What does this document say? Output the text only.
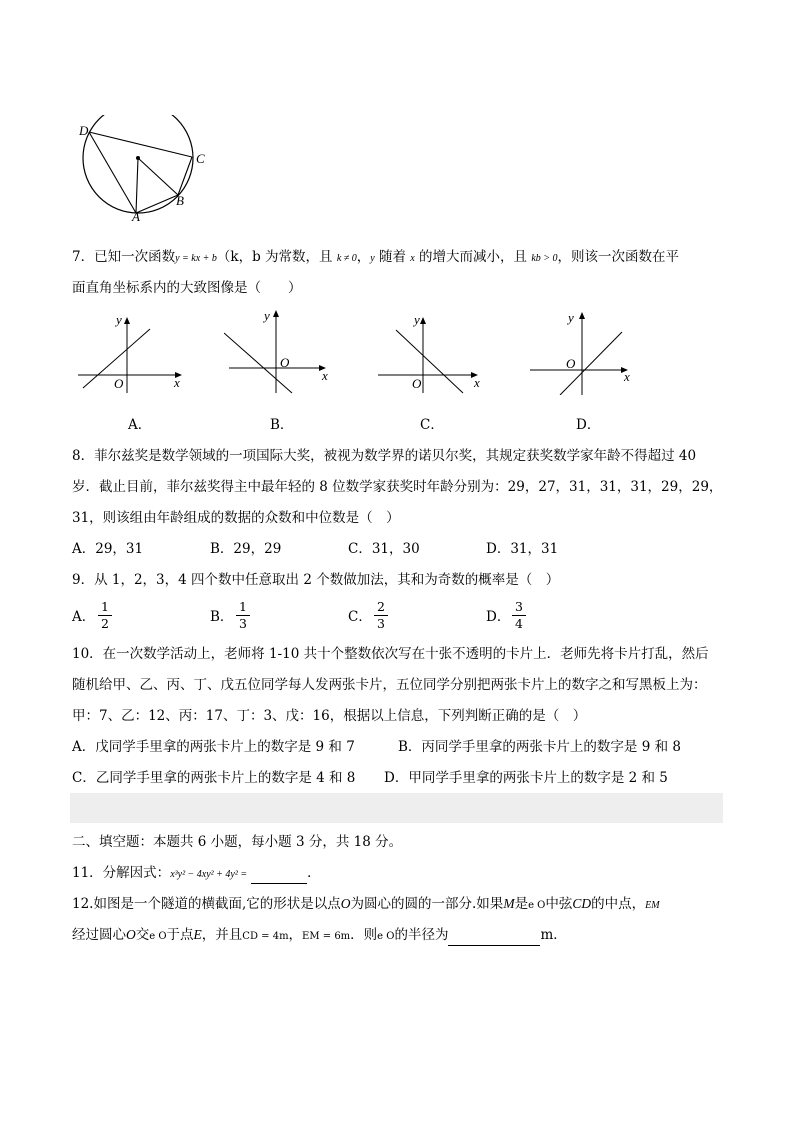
D
C
B
A
7．已知一次函数y = kx + b（k，b 为常数，且 k ≠ 0，y 随着 x 的增大而减小，且 kb > 0，则该一次函数在平
面直角坐标系内的大致图像是（　　）
y
O	x
A．
y
O
x
B．
y
O	x
C．
y
O
x
D．
8．菲尔兹奖是数学领域的一项国际大奖，被视为数学界的诺贝尔奖，其规定获奖数学家年龄不得超过 40
岁．截止目前，菲尔兹奖得主中最年轻的 8 位数学家获奖时年龄分别为：29，27，31，31，31，29，29，
31，则该组由年龄组成的数据的众数和中位数是（　）
A．29，31	B．29，29	C．31，30	D．31，31
9．从 1，2，3，4 四个数中任意取出 2 个数做加法，其和为奇数的概率是（　）
A．
1
2	B．
1
3	C．
2
3	D．
3
4
10．在一次数学活动上，老师将 1-10 共十个整数依次写在十张不透明的卡片上．老师先将卡片打乱，然后
随机给甲、乙、丙、丁、戊五位同学每人发两张卡片，五位同学分别把两张卡片上的数字之和写黑板上为：
甲：7、乙：12、丙：17、丁：3、戊：16，根据以上信息，下列判断正确的是（　）
A．戊同学手里拿的两张卡片上的数字是 9 和 7	B．丙同学手里拿的两张卡片上的数字是 9 和 8
C．乙同学手里拿的两张卡片上的数字是 4 和 8 D．甲同学手里拿的两张卡片上的数字是 2 和 5
二、填空题：本题共 6 小题，每小题 3 分，共 18 分。
11．分解因式：x³y² − 4xy² + 4y² =	．
12.如图是一个隧道的横截面,它的形状是以点O为圆心的圆的一部分.如果M是e O中弦CD的中点，EM
经过圆心O交e O于点E，并且CD = 4m，EM = 6m．则e O的半径为	m．
